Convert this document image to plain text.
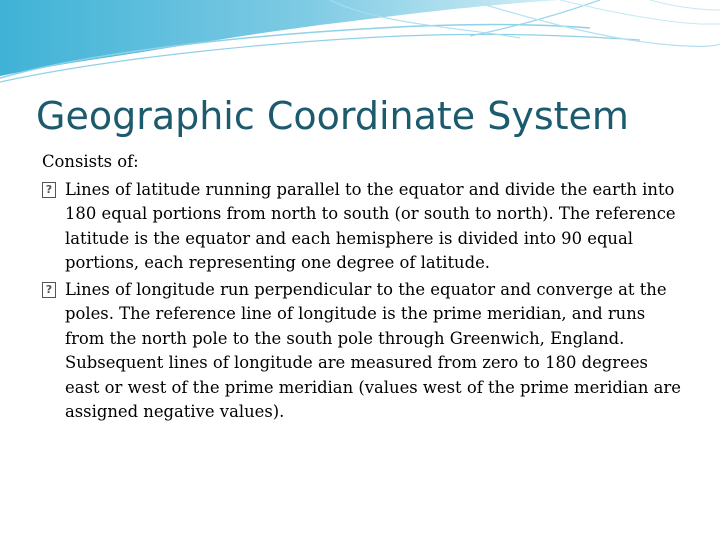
Geographic Coordinate System

Consists of:

? Lines of latitude running parallel to the equator and divide the earth into 180 equal portions from north to south (or south to north). The reference latitude is the equator and each hemisphere is divided into 90 equal portions, each representing one degree of latitude.
? Lines of longitude run perpendicular to the equator and converge at the poles. The reference line of longitude is the prime meridian, and runs from the north pole to the south pole through Greenwich, England. Subsequent lines of longitude are measured from zero to 180 degrees east or west of the prime meridian (values west of the prime meridian are assigned negative values).
